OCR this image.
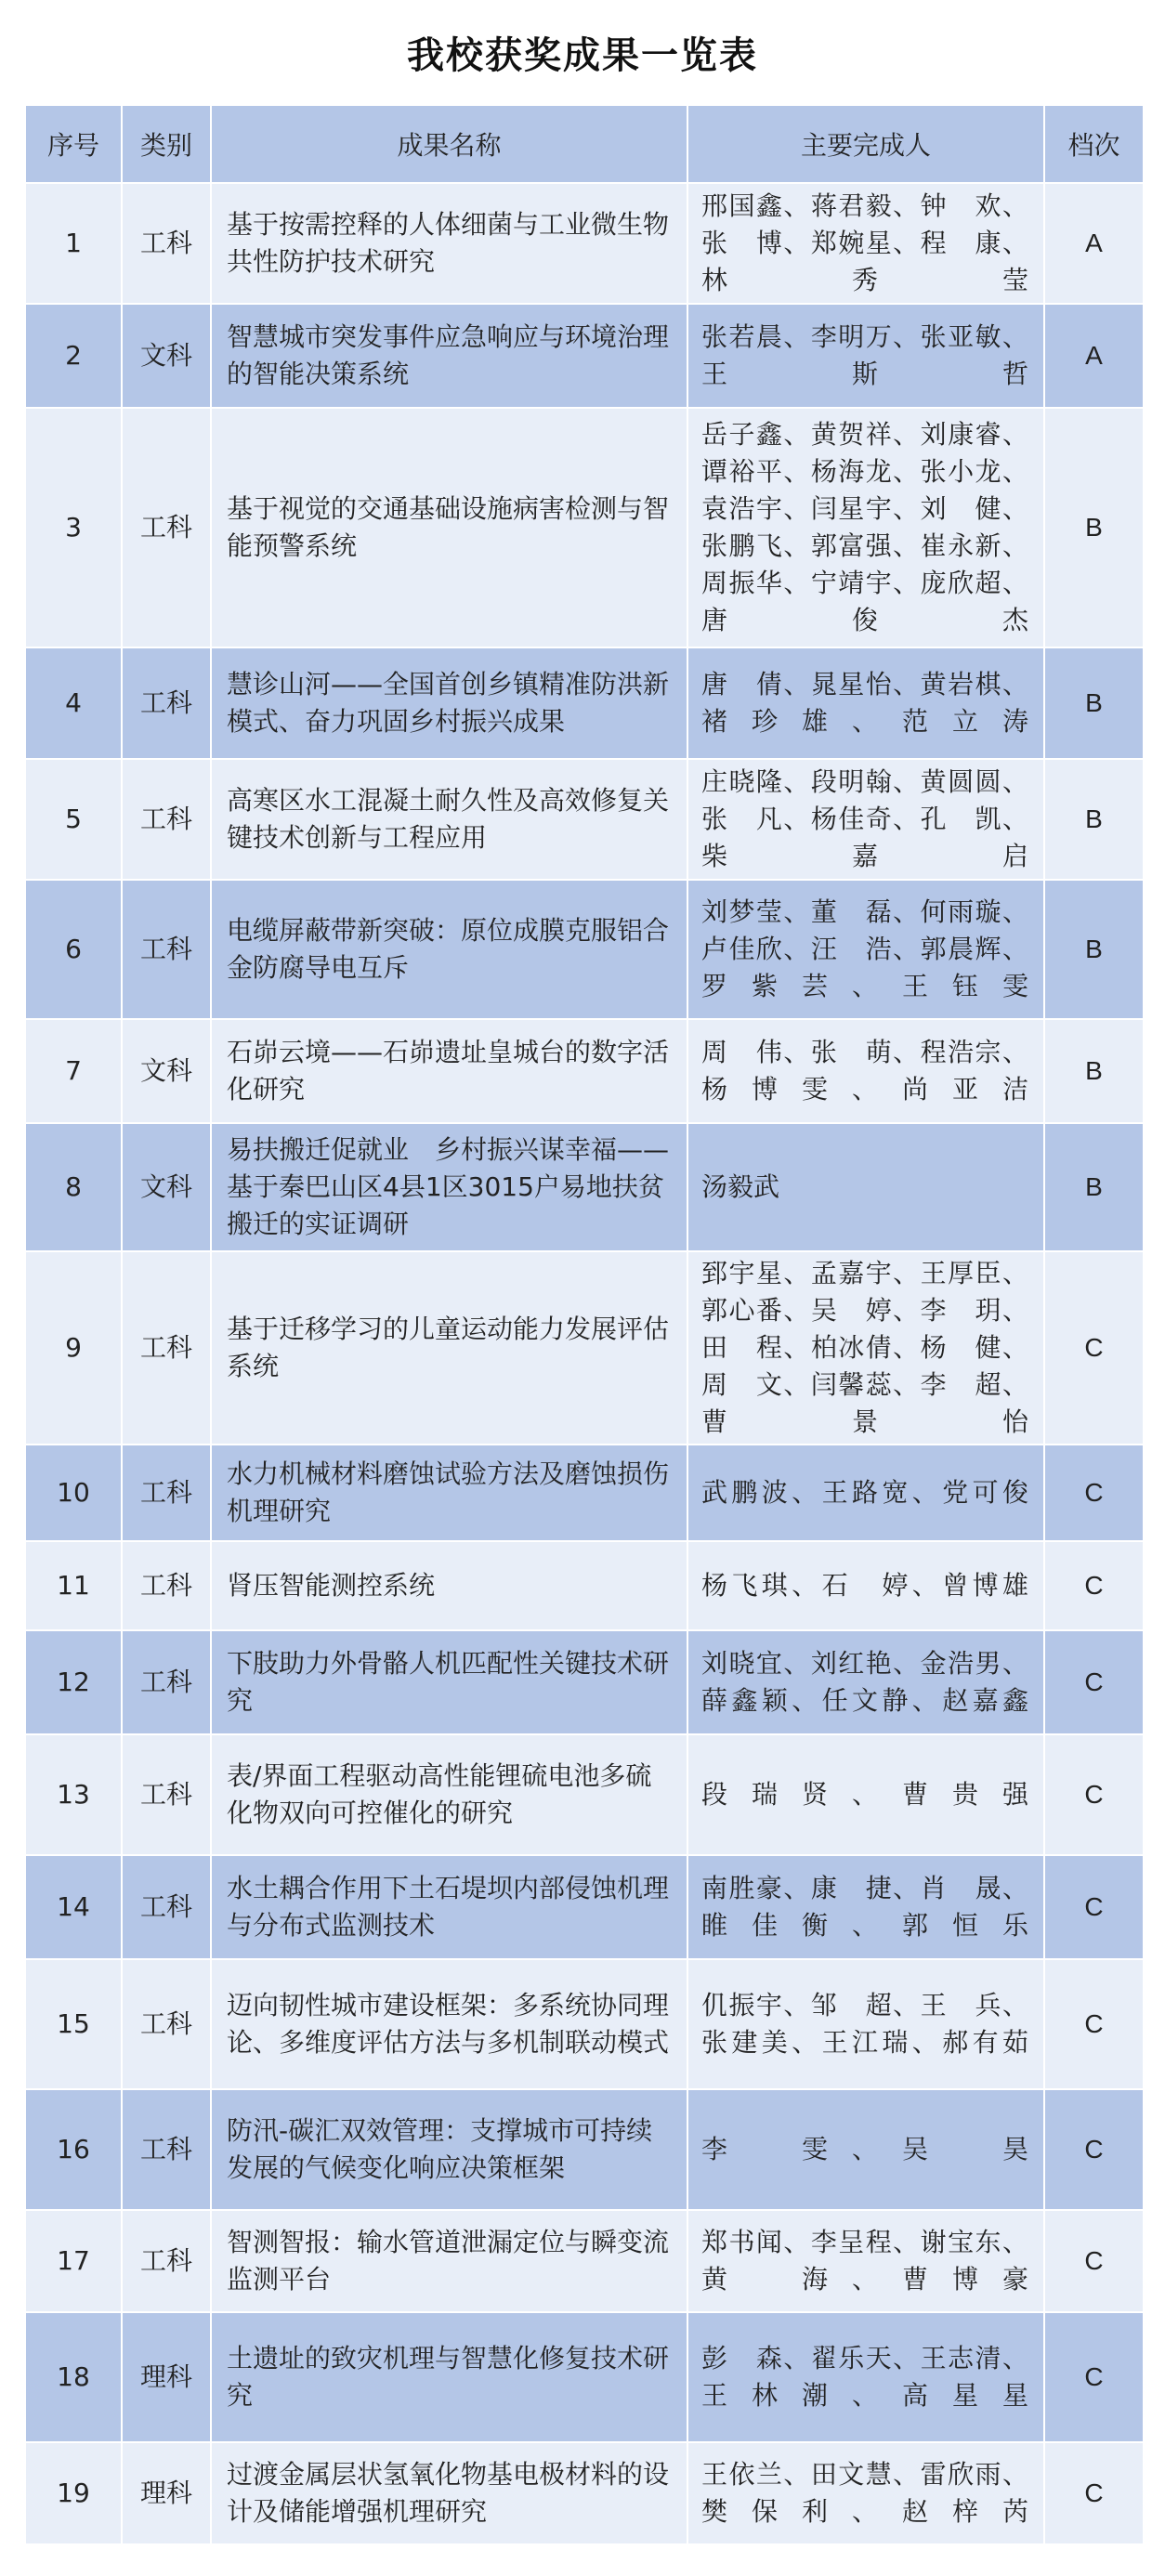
我校获奖成果一览表
序号	类别	成果名称	主要完成人	档次
1	工科	基于按需控释的人体细菌与工业微生物共性防护技术研究	邢国鑫、蒋君毅、钟　欢、张　博、郑婉星、程　康、林秀莹	A
2	文科	智慧城市突发事件应急响应与环境治理的智能决策系统	张若晨、李明万、张亚敏、王斯哲	A
3	工科	基于视觉的交通基础设施病害检测与智能预警系统	岳子鑫、黄贺祥、刘康睿、谭裕平、杨海龙、张小龙、袁浩宇、闫星宇、刘　健、张鹏飞、郭富强、崔永新、周振华、宁靖宇、庞欣超、唐俊杰	B
4	工科	慧诊山河——全国首创乡镇精准防洪新模式、奋力巩固乡村振兴成果	唐　倩、晁星怡、黄岩棋、褚珍雄、范立涛	B
5	工科	高寒区水工混凝土耐久性及高效修复关键技术创新与工程应用	庄晓隆、段明翰、黄圆圆、张　凡、杨佳奇、孔　凯、柴嘉启	B
6	工科	电缆屏蔽带新突破：原位成膜克服铝合金防腐导电互斥	刘梦莹、董　磊、何雨璇、卢佳欣、汪　浩、郭晨辉、罗紫芸、王钰雯	B
7	文科	石峁云境——石峁遗址皇城台的数字活化研究	周　伟、张　萌、程浩宗、杨博雯、尚亚洁	B
8	文科	易扶搬迁促就业　乡村振兴谋幸福——基于秦巴山区4县1区3015户易地扶贫搬迁的实证调研	汤毅武	B
9	工科	基于迁移学习的儿童运动能力发展评估系统	郅宇星、孟嘉宇、王厚臣、郭心番、吴　婷、李　玥、田　程、柏冰倩、杨　健、周　文、闫馨蕊、李　超、曹景怡	C
10	工科	水力机械材料磨蚀试验方法及磨蚀损伤机理研究	武鹏波、王路宽、党可俊	C
11	工科	肾压智能测控系统	杨飞琪、石　婷、曾博雄	C
12	工科	下肢助力外骨骼人机匹配性关键技术研究	刘晓宜、刘红艳、金浩男、薛鑫颖、任文静、赵嘉鑫	C
13	工科	表/界面工程驱动高性能锂硫电池多硫化物双向可控催化的研究	段瑞贤、曹贵强	C
14	工科	水土耦合作用下土石堤坝内部侵蚀机理与分布式监测技术	南胜豪、康　捷、肖　晟、睢佳衡、郭恒乐	C
15	工科	迈向韧性城市建设框架：多系统协同理论、多维度评估方法与多机制联动模式	仉振宇、邹　超、王　兵、张建美、王江瑞、郝有茹	C
16	工科	防汛-碳汇双效管理：支撑城市可持续发展的气候变化响应决策框架	李　雯、吴　昊	C
17	工科	智测智报：输水管道泄漏定位与瞬变流监测平台	郑书闻、李呈程、谢宝东、黄　海、曹博豪	C
18	理科	土遗址的致灾机理与智慧化修复技术研究	彭　森、翟乐天、王志清、王林潮、高星星	C
19	理科	过渡金属层状氢氧化物基电极材料的设计及储能增强机理研究	王依兰、田文慧、雷欣雨、樊保利、赵梓芮	C
